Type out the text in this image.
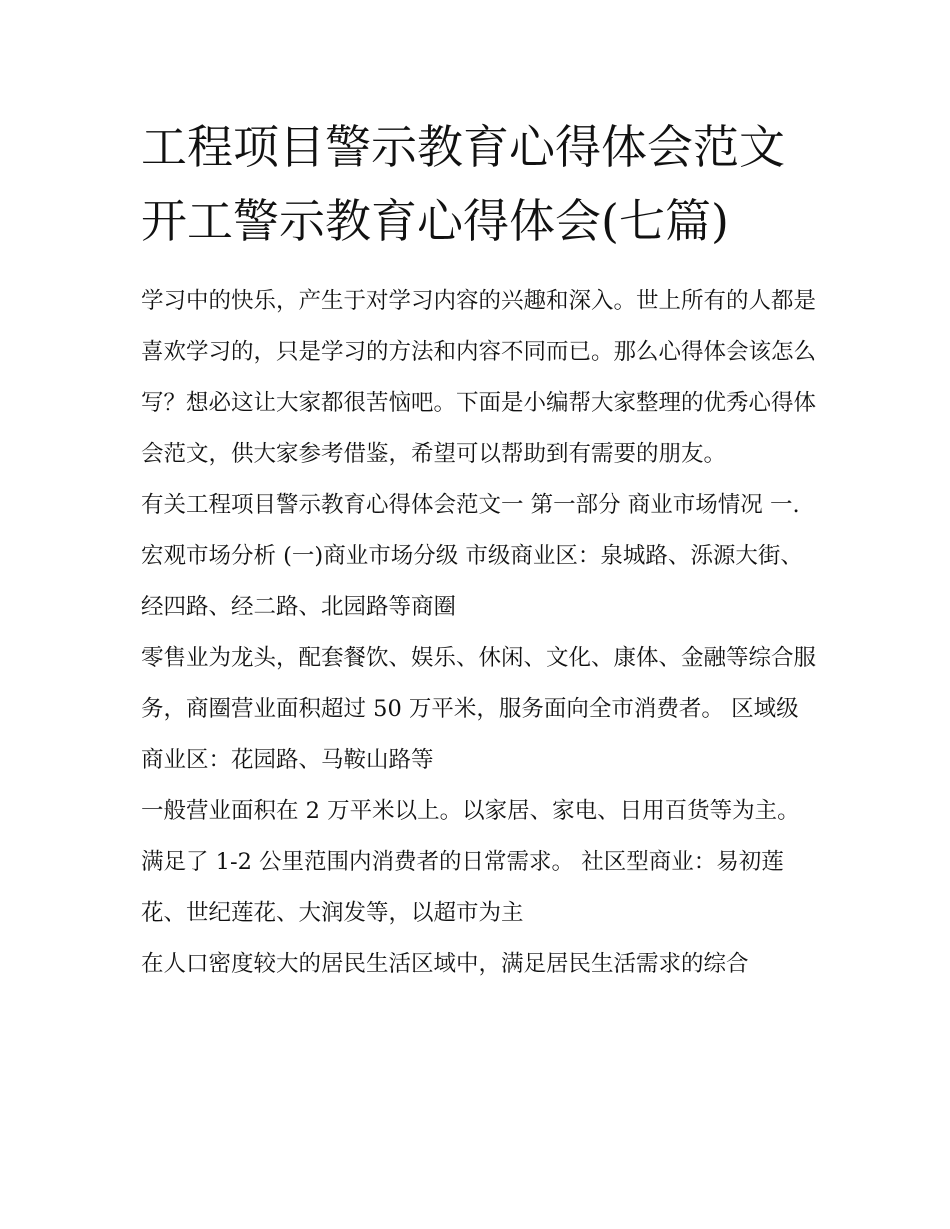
工程项目警示教育心得体会范文 开工警示教育心得体会(七篇)

学习中的快乐，产生于对学习内容的兴趣和深入。世上所有的人都是喜欢学习的，只是学习的方法和内容不同而已。那么心得体会该怎么写？想必这让大家都很苦恼吧。下面是小编帮大家整理的优秀心得体会范文，供大家参考借鉴，希望可以帮助到有需要的朋友。

有关工程项目警示教育心得体会范文一 第一部分 商业市场情况 一.宏观市场分析 (一)商业市场分级 市级商业区：泉城路、泺源大街、经四路、经二路、北园路等商圈

零售业为龙头，配套餐饮、娱乐、休闲、文化、康体、金融等综合服务，商圈营业面积超过 50 万平米，服务面向全市消费者。 区域级商业区：花园路、马鞍山路等

一般营业面积在 2 万平米以上。以家居、家电、日用百货等为主。满足了 1-2 公里范围内消费者的日常需求。 社区型商业：易初莲花、世纪莲花、大润发等，以超市为主

在人口密度较大的居民生活区域中，满足居民生活需求的综合
